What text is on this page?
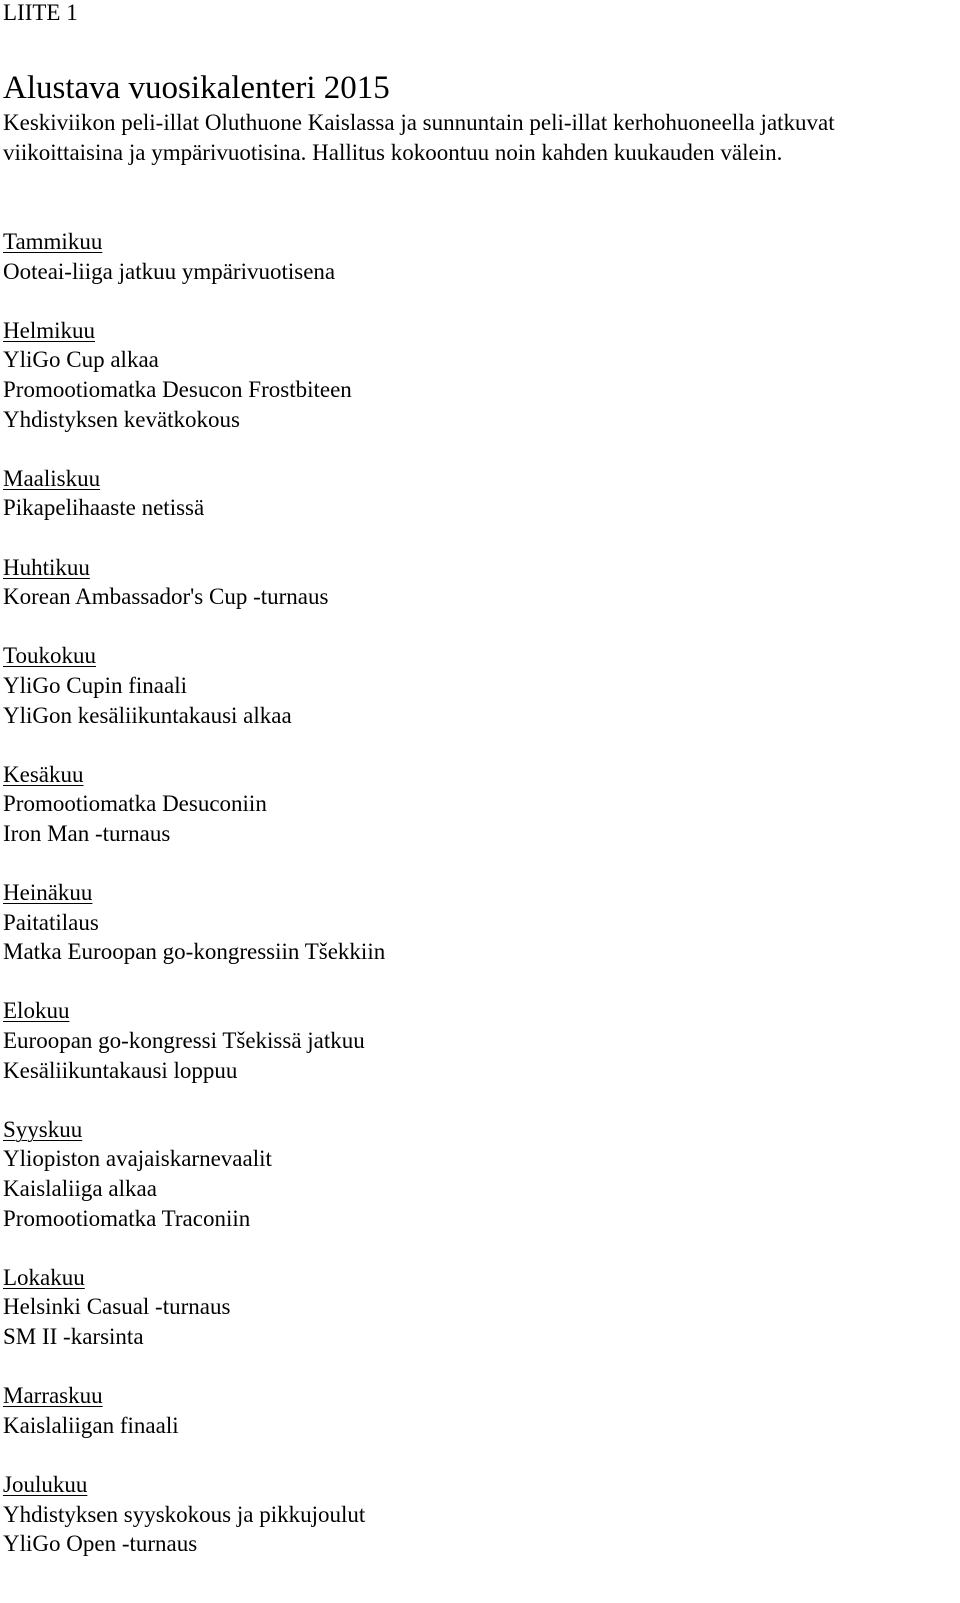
LIITE 1

Alustava vuosikalenteri 2015

Keskiviikon peli-illat Oluthuone Kaislassa ja sunnuntain peli-illat kerhohuoneella jatkuvat
viikoittaisina ja ympärivuotisina. Hallitus kokoontuu noin kahden kuukauden välein.

Tammikuu
Ooteai-liiga jatkuu ympärivuotisena
Helmikuu
YliGo Cup alkaa
Promootiomatka Desucon Frostbiteen
Yhdistyksen kevätkokous
Maaliskuu
Pikapelihaaste netissä
Huhtikuu
Korean Ambassador's Cup -turnaus
Toukokuu
YliGo Cupin finaali
YliGon kesäliikuntakausi alkaa
Kesäkuu
Promootiomatka Desuconiin
Iron Man -turnaus
Heinäkuu
Paitatilaus
Matka Euroopan go-kongressiin Tšekkiin
Elokuu
Euroopan go-kongressi Tšekissä jatkuu
Kesäliikuntakausi loppuu
Syyskuu
Yliopiston avajaiskarnevaalit
Kaislaliiga alkaa
Promootiomatka Traconiin
Lokakuu
Helsinki Casual -turnaus
SM II -karsinta
Marraskuu
Kaislaliigan finaali
Joulukuu
Yhdistyksen syyskokous ja pikkujoulut
YliGo Open -turnaus
